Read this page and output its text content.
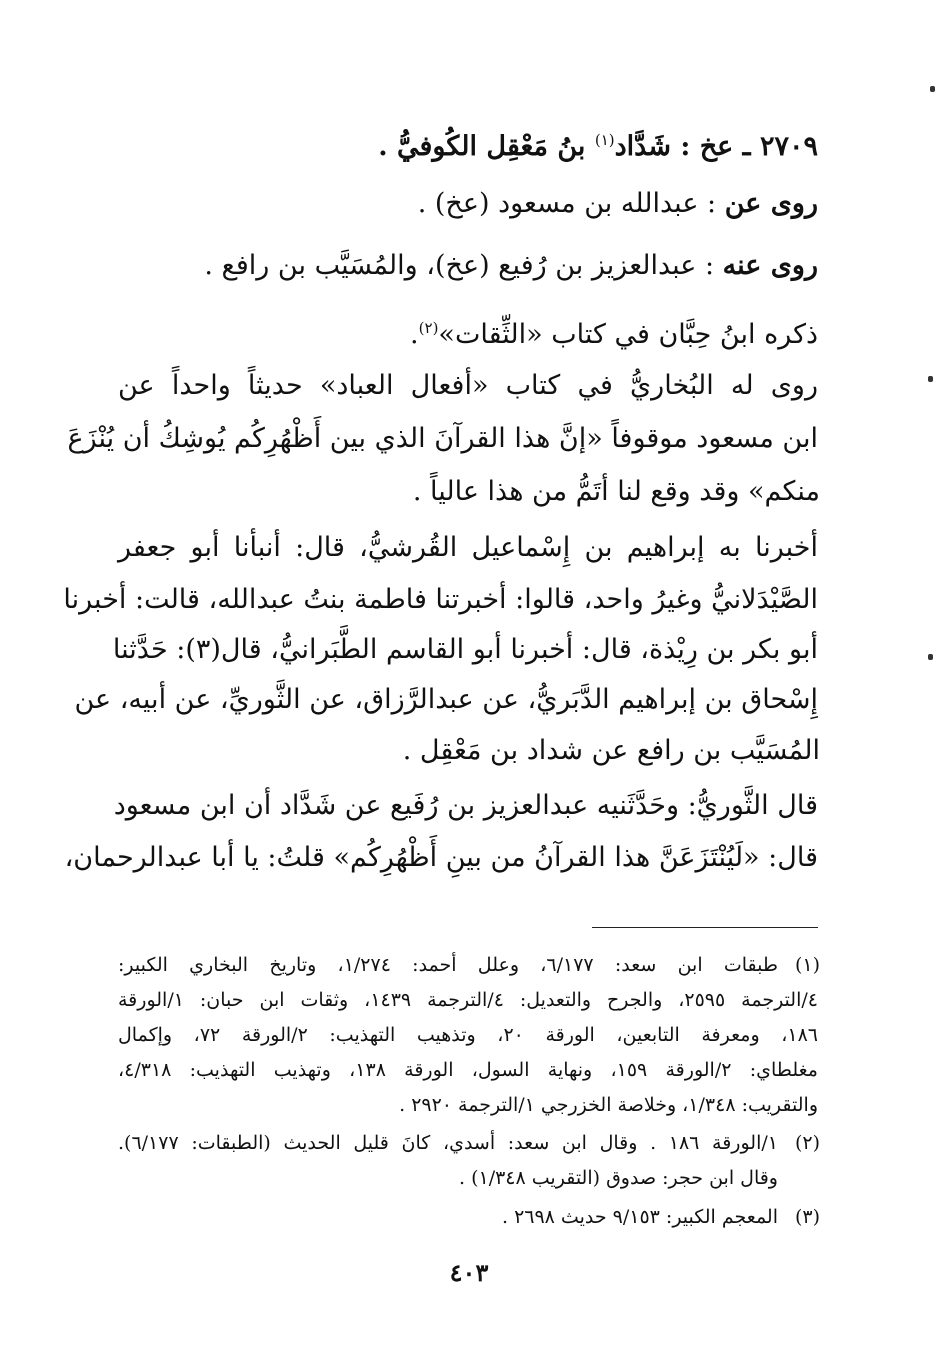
٢٧٠٩ ـ عخ : شَدَّاد$^{(١)}$ بنُ مَعْقِل الكُوفيُّ .
روى عن : عبدالله بن مسعود (عخ) .
روى عنه : عبدالعزيز بن رُفيع (عخ)، والمُسَيَّب بن رافع .
ذكره ابنُ حِبَّان في كتاب «الثِّقات»$^{(٢)}$.
روى له البُخاريُّ في كتاب «أفعال العباد» حديثاً واحداً عن
ابن مسعود موقوفاً «إنَّ هذا القرآنَ الذي بين أَظْهُرِكُم يُوشِكُ أن يُنْزَعَ
منكم» وقد وقع لنا أتَمُّ من هذا عالياً .
أخبرنا به إبراهيم بن إِسْماعيل القُرشيُّ، قال: أنبأنا أبو جعفر
الصَّيْدَلانيُّ وغيرُ واحد، قالوا: أخبرتنا فاطمة بنتُ عبدالله، قالت: أخبرنا
أبو بكر بن رِيْذة، قال: أخبرنا أبو القاسم الطَّبَرانيُّ، قال(٣): حَدَّثنا
إِسْحاق بن إبراهيم الدَّبَريُّ، عن عبدالرَّزاق، عن الثَّوريِّ، عن أبيه، عن
المُسَيَّب بن رافع عن شداد بن مَعْقِل .
قال الثَّوريُّ: وحَدَّثَنيه عبدالعزيز بن رُفَيع عن شَدَّاد أن ابن مسعود
قال: «لَيُنْتَزَعَنَّ هذا القرآنُ من بينِ أَظْهُرِكُم» قلتُ: يا أبا عبدالرحمان،
(١)
طبقات ابن سعد: ٦/١٧٧، وعلل أحمد: ١/٢٧٤، وتاريخ البخاري الكبير:
٤/الترجمة ٢٥٩٥، والجرح والتعديل: ٤/الترجمة ١٤٣٩، وثقات ابن حبان: ١/الورقة
١٨٦، ومعرفة التابعين، الورقة ٢٠، وتذهيب التهذيب: ٢/الورقة ٧٢، وإكمال
مغلطاي: ٢/الورقة ١٥٩، ونهاية السول، الورقة ١٣٨، وتهذيب التهذيب: ٤/٣١٨،
والتقريب: ١/٣٤٨، وخلاصة الخزرجي ١/الترجمة ٢٩٢٠ .
(٢)
١/الورقة ١٨٦ . وقال ابن سعد: أسدي، كانَ قليل الحديث (الطبقات: ٦/١٧٧).
وقال ابن حجر: صدوق (التقريب ١/٣٤٨) .
(٣)
المعجم الكبير: ٩/١٥٣ حديث ٢٦٩٨ .
٤٠٣
